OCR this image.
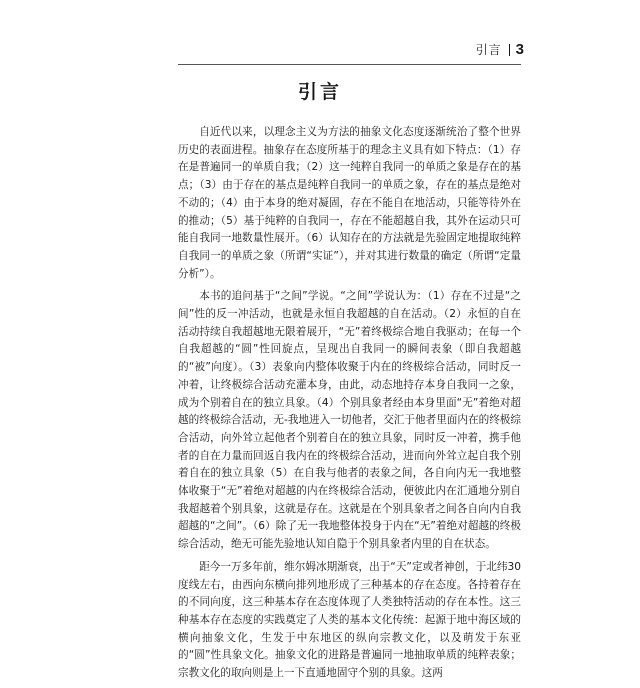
引言 3
引言

自近代以来，以理念主义为方法的抽象文化态度逐渐统治了整个世界历史的表面进程。抽象存在态度所基于的理念主义具有如下特点：（1）存在是普遍同一的单质自我；（2）这一纯粹自我同一的单质之象是存在的基点；（3）由于存在的基点是纯粹自我同一的单质之象，存在的基点是绝对不动的；（4）由于本身的绝对凝固，存在不能自在地活动，只能等待外在的推动；（5）基于纯粹的自我同一，存在不能超越自我，其外在运动只可能自我同一地数量性展开。（6）认知存在的方法就是先验固定地提取纯粹自我同一的单质之象（所谓“实证”），并对其进行数量的确定（所谓“定量分析”）。

本书的追问基于“之间”学说。“之间”学说认为：（1）存在不过是“之间”性的反一冲活动，也就是永恒自我超越的自在活动。（2）永恒的自在活动持续自我超越地无限着展开，“无”着终极综合地自我驱动；在每一个自我超越的“圆”性回旋点，呈现出自我同一的瞬间表象（即自我超越的“被”向度）。（3）表象向内整体收聚于内在的终极综合活动，同时反一冲着，让终极综合活动充灌本身，由此，动态地持存本身自我同一之象，成为个别着自在的独立具象。（4）个别具象者经由本身里面“无”着绝对超越的终极综合活动，无-我地进入一切他者，交汇于他者里面内在的终极综合活动，向外耸立起他者个别着自在的独立具象，同时反一冲着，携手他者的自在力量而回返自我内在的终极综合活动，进而向外耸立起自我个别着自在的独立具象（5）在自我与他者的表象之间，各自向内无一我地整体收聚于“无”着绝对超越的内在终极综合活动，便彼此内在汇通地分别自我超越着个别具象，这就是存在。这就是在个别具象者之间各自向内自我超越的“之间”。（6）除了无一我地整体投身于内在“无”着绝对超越的终极综合活动，绝无可能先验地认知自隐于个别具象者内里的自在状态。

距今一万多年前，维尔姆冰期渐衰，出于“天”定或者神创，于北纬30度线左右，由西向东横向排列地形成了三种基本的存在态度。各持着存在的不同向度，这三种基本存在态度体现了人类独特活动的存在本性。这三种基本存在态度的实践奠定了人类的基本文化传统：起源于地中海区域的横向抽象文化，生发于中东地区的纵向宗教文化，以及萌发于东亚的“圆”性具象文化。抽象文化的进路是普遍同一地抽取单质的纯粹表象；宗教文化的取向则是上一下直通地固守个别的具象。这两
